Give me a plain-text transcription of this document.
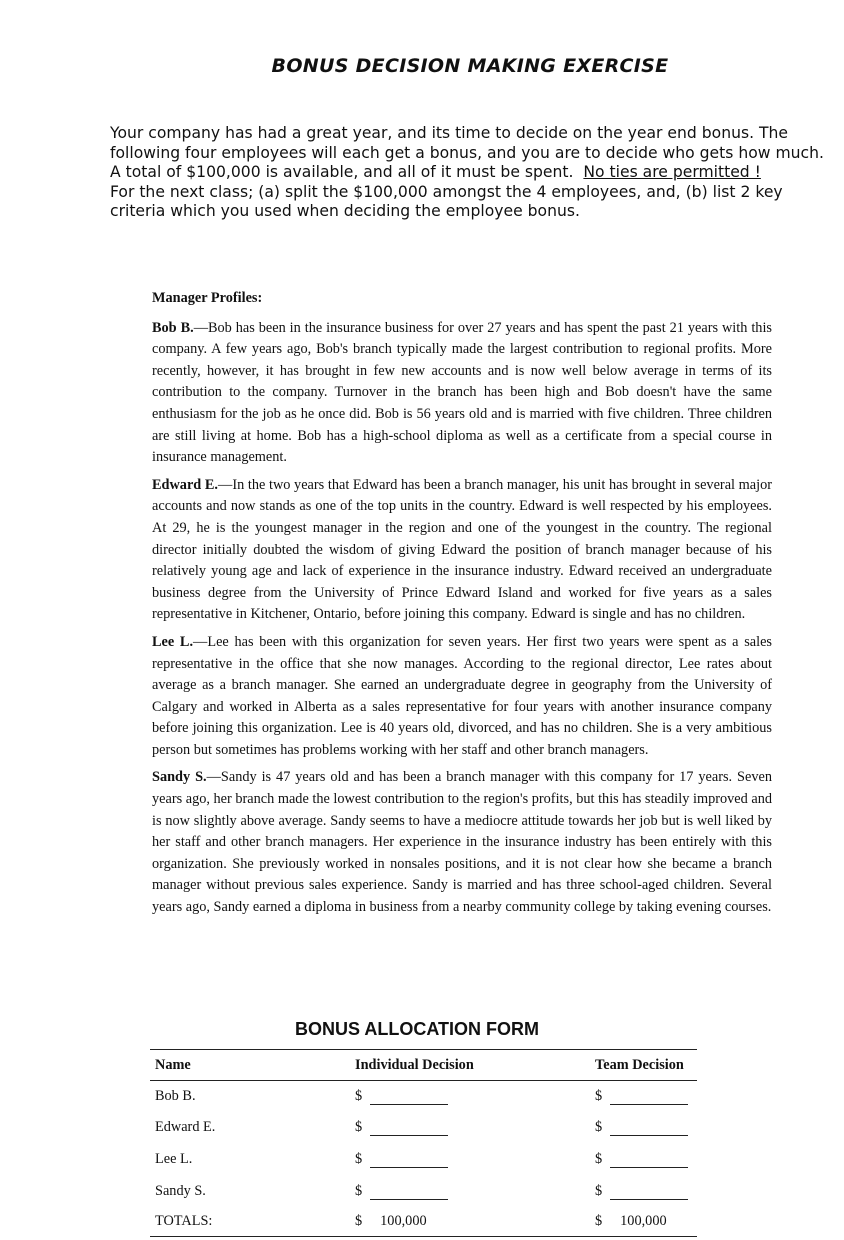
BONUS DECISION MAKING EXERCISE

Your company has had a great year, and its time to decide on the year end bonus. The following four employees will each get a bonus, and you are to decide who gets how much. A total of $100,000 is available, and all of it must be spent. No ties are permitted !

For the next class; (a) split the $100,000 amongst the 4 employees, and, (b) list 2 key criteria which you used when deciding the employee bonus.

Manager Profiles:

Bob B.—Bob has been in the insurance business for over 27 years and has spent the past 21 years with this company. A few years ago, Bob's branch typically made the largest contribution to regional profits. More recently, however, it has brought in few new accounts and is now well below average in terms of its contribution to the company. Turnover in the branch has been high and Bob doesn't have the same enthusiasm for the job as he once did. Bob is 56 years old and is married with five children. Three children are still living at home. Bob has a high-school diploma as well as a certificate from a special course in insurance management.

Edward E.—In the two years that Edward has been a branch manager, his unit has brought in several major accounts and now stands as one of the top units in the country. Edward is well respected by his employees. At 29, he is the youngest manager in the region and one of the youngest in the country. The regional director initially doubted the wisdom of giving Edward the position of branch manager because of his relatively young age and lack of experience in the insurance industry. Edward received an undergraduate business degree from the University of Prince Edward Island and worked for five years as a sales representative in Kitchener, Ontario, before joining this company. Edward is single and has no children.

Lee L.—Lee has been with this organization for seven years. Her first two years were spent as a sales representative in the office that she now manages. According to the regional director, Lee rates about average as a branch manager. She earned an undergraduate degree in geography from the University of Calgary and worked in Alberta as a sales representative for four years with another insurance company before joining this organization. Lee is 40 years old, divorced, and has no children. She is a very ambitious person but sometimes has problems working with her staff and other branch managers.

Sandy S.—Sandy is 47 years old and has been a branch manager with this company for 17 years. Seven years ago, her branch made the lowest contribution to the region's profits, but this has steadily improved and is now slightly above average. Sandy seems to have a mediocre attitude towards her job but is well liked by her staff and other branch managers. Her experience in the insurance industry has been entirely with this organization. She previously worked in nonsales positions, and it is not clear how she became a branch manager without previous sales experience. Sandy is married and has three school-aged children. Several years ago, Sandy earned a diploma in business from a nearby community college by taking evening courses.

BONUS ALLOCATION FORM
Name	Individual Decision	Team Decision
Bob B.	$	$
Edward E.	$	$
Lee L.	$	$
Sandy S.	$	$
TOTALS:	$ 100,000	$ 100,000
